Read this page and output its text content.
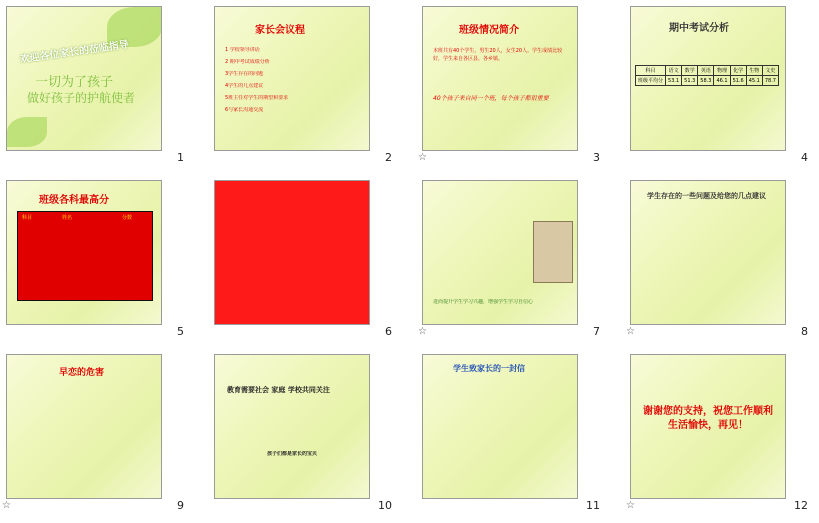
欢迎各位家长的莅临指导
一切为了孩子
做好孩子的护航使者
1
家长会议程
1 学校领导讲话
2 期中考试成绩分析
3学生存在的问题
4学生的几点建议
5班主任对学生的期望和要求
6与家长沟通交流
2
班级情况简介
本班共有40个学生，男生20人，女生20人。学生成绩比较好，学生来自各区县、各乡镇。
40个孩子来自同一个班，每个孩子都很重要
☆	3
期中考试分析
科目	语文	数学	英语	物理	化学	生物	文史
班级平均分	53.1	51.3	58.3	46.1	51.6	45.1	78.7
4
班级各科最高分
科目	姓名	分数
5	6
进而提升学生学习兴趣，增强学生学习自信心
☆	7
学生存在的一些问题及给您的几点建议
☆	8
早恋的危害
☆	9
教育需要社会 家庭 学校共同关注
孩子们都是家长的宝贝
10
学生致家长的一封信
11
谢谢您的支持，祝您工作顺利生活愉快，再见！
☆	12
